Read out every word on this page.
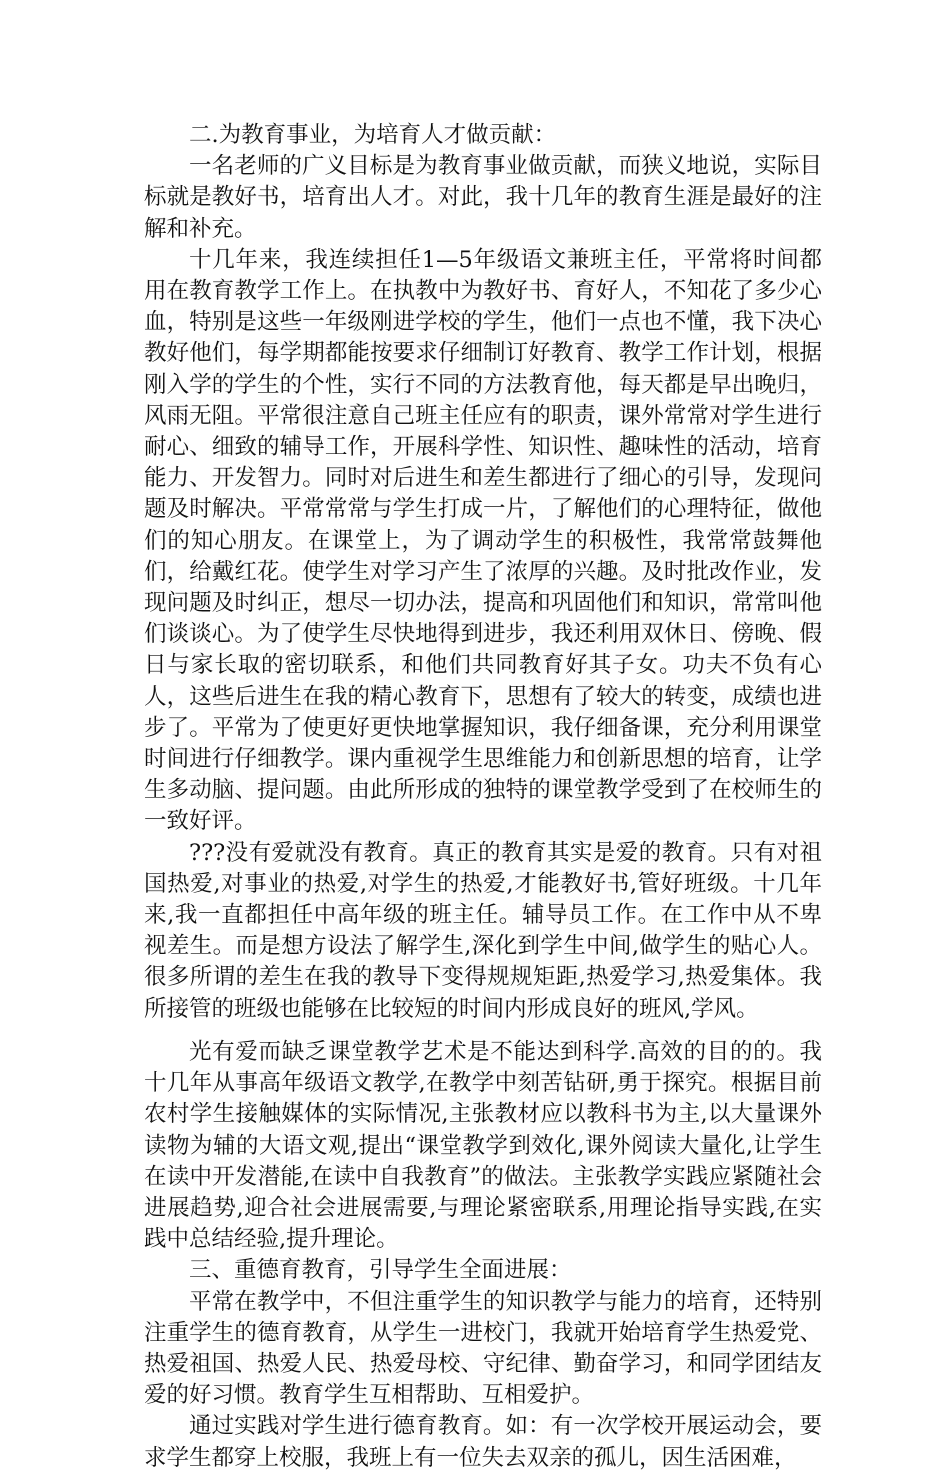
二.为教育事业，为培育人才做贡献：

一名老师的广义目标是为教育事业做贡献，而狭义地说，实际目标就是教好书，培育出人才。对此，我十几年的教育生涯是最好的注解和补充。

十几年来，我连续担任1—5年级语文兼班主任，平常将时间都用在教育教学工作上。在执教中为教好书、育好人，不知花了多少心血，特别是这些一年级刚进学校的学生，他们一点也不懂，我下决心教好他们，每学期都能按要求仔细制订好教育、教学工作计划，根据刚入学的学生的个性，实行不同的方法教育他，每天都是早出晚归，风雨无阻。平常很注意自己班主任应有的职责，课外常常对学生进行耐心、细致的辅导工作，开展科学性、知识性、趣味性的活动，培育能力、开发智力。同时对后进生和差生都进行了细心的引导，发现问题及时解决。平常常常与学生打成一片，了解他们的心理特征，做他们的知心朋友。在课堂上，为了调动学生的积极性，我常常鼓舞他们，给戴红花。使学生对学习产生了浓厚的兴趣。及时批改作业，发现问题及时纠正，想尽一切办法，提高和巩固他们和知识，常常叫他们谈谈心。为了使学生尽快地得到进步，我还利用双休日、傍晚、假日与家长取的密切联系，和他们共同教育好其子女。功夫不负有心人，这些后进生在我的精心教育下，思想有了较大的转变，成绩也进步了。平常为了使更好更快地掌握知识，我仔细备课，充分利用课堂时间进行仔细教学。课内重视学生思维能力和创新思想的培育，让学生多动脑、提问题。由此所形成的独特的课堂教学受到了在校师生的一致好评。

???没有爱就没有教育。真正的教育其实是爱的教育。只有对祖国热爱,对事业的热爱,对学生的热爱,才能教好书,管好班级。十几年来,我一直都担任中高年级的班主任。辅导员工作。在工作中从不卑视差生。而是想方设法了解学生,深化到学生中间,做学生的贴心人。很多所谓的差生在我的教导下变得规规矩距,热爱学习,热爱集体。我所接管的班级也能够在比较短的时间内形成良好的班风,学风。

光有爱而缺乏课堂教学艺术是不能达到科学.高效的目的的。我十几年从事高年级语文教学,在教学中刻苦钻研,勇于探究。根据目前农村学生接触媒体的实际情况,主张教材应以教科书为主,以大量课外读物为辅的大语文观,提出“课堂教学到效化,课外阅读大量化,让学生在读中开发潜能,在读中自我教育”的做法。主张教学实践应紧随社会进展趋势,迎合社会进展需要,与理论紧密联系,用理论指导实践,在实践中总结经验,提升理论。

三、重德育教育，引导学生全面进展：

平常在教学中，不但注重学生的知识教学与能力的培育，还特别注重学生的德育教育，从学生一进校门，我就开始培育学生热爱党、热爱祖国、热爱人民、热爱母校、守纪律、勤奋学习，和同学团结友爱的好习惯。教育学生互相帮助、互相爱护。

通过实践对学生进行德育教育。如：有一次学校开展运动会，要求学生都穿上校服，我班上有一位失去双亲的孤儿，因生活困难，
